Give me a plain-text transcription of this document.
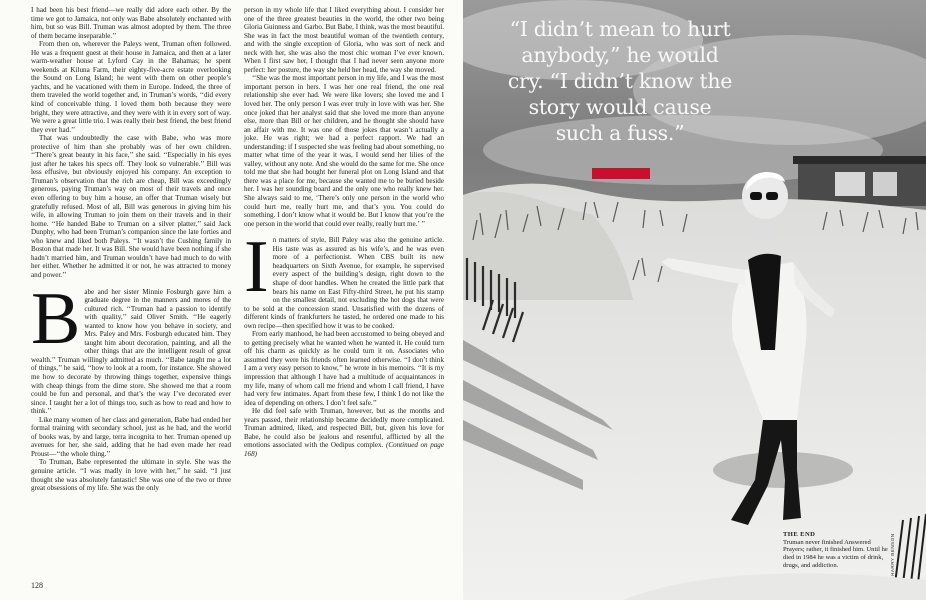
I had been his best friend—we really did adore each other. By the time we got to Jamaica, not only was Babe absolutely enchanted with him, but so was Bill. Truman was almost adopted by them. The three of them became inseparable.’’

From then on, wherever the Paleys went, Truman often followed. He was a frequent guest at their house in Jamaica, and then at a later warm-weather house at Lyford Cay in the Bahamas; he spent weekends at Kiluna Farm, their eighty-five-acre estate overlooking the Sound on Long Island; he went with them on other people’s yachts, and he vacationed with them in Europe. Indeed, the three of them traveled the world together and, in Truman’s words, ‘‘did every kind of conceivable thing. I loved them both because they were bright, they were attractive, and they were with it in every sort of way. We were a great little trio. I was really their best friend, the best friend they ever had.’’

That was undoubtedly the case with Babe, who was more protective of him than she probably was of her own children. ‘‘There’s great beauty in his face,’’ she said. ‘‘Especially in his eyes just after he takes his specs off. They look so vulnerable.’’ Bill was less effusive, but obviously enjoyed his company. An exception to Truman’s observation that the rich are cheap, Bill was exceedingly generous, paying Truman’s way on most of their travels and once even offering to buy him a house, an offer that Truman wisely but gratefully refused. Most of all, Bill was generous in giving him his wife, in allowing Truman to join them on their travels and in their home. ‘‘He handed Babe to Truman on a silver platter,’’ said Jack Dunphy, who had been Truman’s companion since the late forties and who knew and liked both Paleys. ‘‘It wasn’t the Cushing family in Boston that made her. It was Bill. She would have been nothing if she hadn’t married him, and Truman wouldn’t have had much to do with her either. Whether he admitted it or not, he was attracted to money and power.’’

Babe and her sister Minnie Fosburgh gave him a graduate degree in the manners and mores of the cultured rich. ‘‘Truman had a passion to identify with quality,’’ said Oliver Smith. ‘‘He eagerly wanted to know how you behave in society, and Mrs. Paley and Mrs. Fosburgh educated him. They taught him about decoration, painting, and all the other things that are the intelligent result of great wealth.’’ Truman willingly admitted as much. ‘‘Babe taught me a lot of things,’’ he said, ‘‘how to look at a room, for instance. She showed me how to decorate by throwing things together, expensive things with cheap things from the dime store. She showed me that a room could be fun and personal, and that’s the way I’ve decorated ever since. I taught her a lot of things too, such as how to read and how to think.’’

Like many women of her class and generation, Babe had ended her formal training with secondary school, just as he had, and the world of books was, by and large, terra incognita to her. Truman opened up avenues for her, she said, adding that he had even made her read Proust—‘‘the whole thing.’’

To Truman, Babe represented the ultimate in style. She was the genuine article. ‘‘I was madly in love with her,’’ he said. ‘‘I just thought she was absolutely fantastic! She was one of the two or three great obsessions of my life. She was the only

person in my whole life that I liked everything about. I consider her one of the three greatest beauties in the world, the other two being Gloria Guinness and Garbo. But Babe, I think, was the most beautiful. She was in fact the most beautiful woman of the twentieth century, and with the single exception of Gloria, who was sort of neck and neck with her, she was also the most chic woman I’ve ever known. When I first saw her, I thought that I had never seen anyone more perfect: her posture, the way she held her head, the way she moved.

‘‘She was the most important person in my life, and I was the most important person in hers. I was her one real friend, the one real relationship she ever had. We were like lovers; she loved me and I loved her. The only person I was ever truly in love with was her. She once joked that her analyst said that she loved me more than anyone else, more than Bill or her children, and he thought she should have an affair with me. It was one of those jokes that wasn’t actually a joke. He was right; we had a perfect rapport. We had an understanding: if I suspected she was feeling bad about something, no matter what time of the year it was, I would send her lilies of the valley, without any note. And she would do the same for me. She once told me that she had bought her funeral plot on Long Island and that there was a place for me, because she wanted me to be buried beside her. I was her sounding board and the only one who really knew her. She always said to me, ‘There’s only one person in the world who could hurt me, really hurt me, and that’s you. You could do something. I don’t know what it would be. But I know that you’re the one person in the world that could ever really, really hurt me.’ ’’

In matters of style, Bill Paley was also the genuine article. His taste was as assured as his wife’s, and he was even more of a perfectionist. When CBS built its new headquarters on Sixth Avenue, for example, he supervised every aspect of the building’s design, right down to the shape of door handles. When he created the little park that bears his name on East Fifty-third Street, he put his stamp on the smallest detail, not excluding the hot dogs that were to be sold at the concession stand. Unsatisfied with the dozens of different kinds of frankfurters he tasted, he ordered one made to his own recipe—then specified how it was to be cooked.

From early manhood, he had been accustomed to being obeyed and to getting precisely what he wanted when he wanted it. He could turn off his charm as quickly as he could turn it on. Associates who assumed they were his friends often learned otherwise. ‘‘I don’t think I am a very easy person to know,’’ he wrote in his memoirs. ‘‘It is my impression that although I have had a multitude of acquaintances in my life, many of whom call me friend and whom I call friend, I have had very few intimates. Apart from these few, I think I do not like the idea of depending on others. I don’t feel safe.’’

He did feel safe with Truman, however, but as the months and years passed, their relationship became decidedly more complicated. Truman admired, liked, and respected Bill, but, given his love for Babe, he could also be jealous and resentful, afflicted by all the emotions associated with the Oedipus complex. (Continued on page 168)

128
“I didn’t mean to hurt anybody,” he would cry. “I didn’t know the story would cause such a fuss.”
THE END
Truman never finished Answered Prayers; rather, it finished him. Until he died in 1984 he was a victim of drink, drugs, and addiction.	HARRY BENSON
